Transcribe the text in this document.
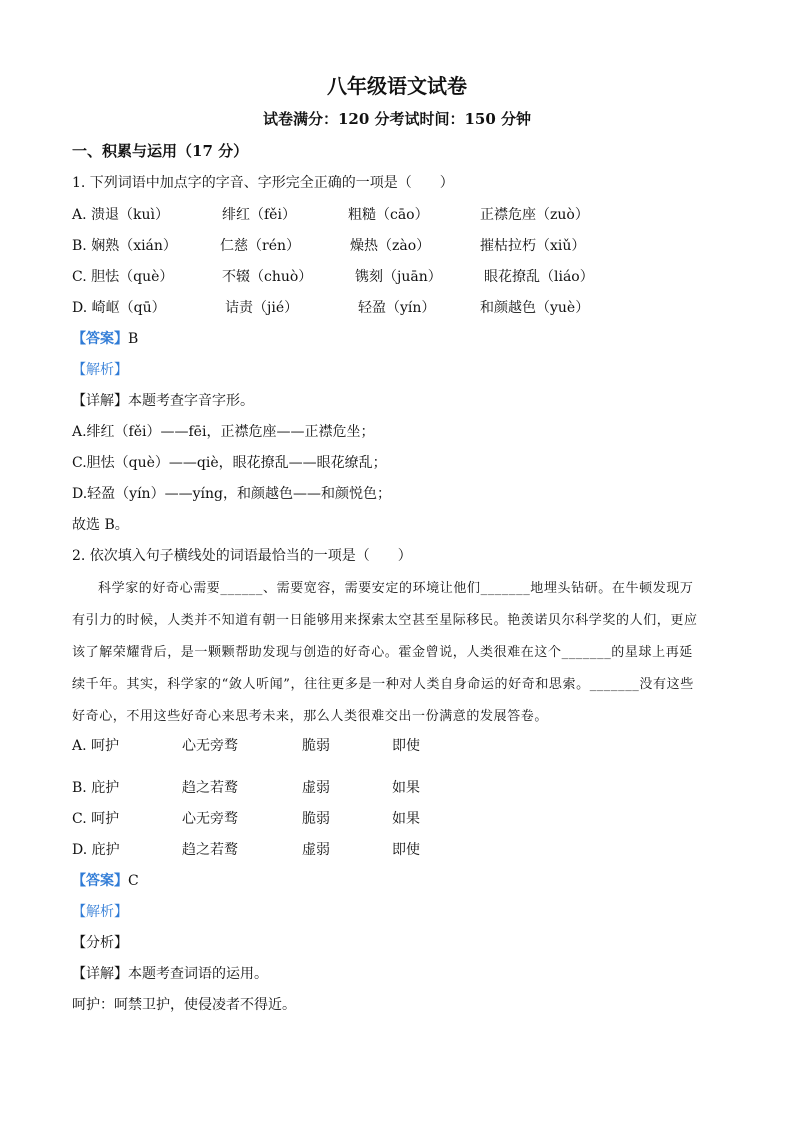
八年级语文试卷
试卷满分：120 分考试时间：150 分钟
一、积累与运用（17 分）
1. 下列词语中加点字的字音、字形完全正确的一项是（　　）
A. 溃退（kuì）	绯红（fěi）	粗糙（cāo）	正襟危座（zuò）
B. 娴熟（xián）	仁慈（rén）	燥热（zào）	摧枯拉朽（xiǔ）
C. 胆怯（què）	不辍（chuò）	镌刻（juān）	眼花撩乱（liáo）
D. 崎岖（qū）	诘责（jié）	轻盈（yín）	和颜越色（yuè）
【答案】B
【解析】
【详解】本题考查字音字形。
A.绯红（fěi）——fēi，正襟危座——正襟危坐；
C.胆怯（què）——qiè，眼花撩乱——眼花缭乱；
D.轻盈（yín）——yíng，和颜越色——和颜悦色；
故选 B。
2. 依次填入句子横线处的词语最恰当的一项是（　　）
科学家的好奇心需要______、需要宽容，需要安定的环境让他们_______地埋头钻研。在牛顿发现万
有引力的时候，人类并不知道有朝一日能够用来探索太空甚至星际移民。艳羡诺贝尔科学奖的人们，更应
该了解荣耀背后，是一颗颗帮助发现与创造的好奇心。霍金曾说，人类很难在这个_______的星球上再延
续千年。其实，科学家的“敛人听闻”，往往更多是一种对人类自身命运的好奇和思索。_______没有这些
好奇心，不用这些好奇心来思考未来，那么人类很难交出一份满意的发展答卷。
A. 呵护	心无旁骛	脆弱	即使
B. 庇护	趋之若鹜	虚弱	如果
C. 呵护	心无旁骛	脆弱	如果
D. 庇护	趋之若鹜	虚弱	即使
【答案】C
【解析】
【分析】
【详解】本题考查词语的运用。
呵护：呵禁卫护，使侵凌者不得近。
